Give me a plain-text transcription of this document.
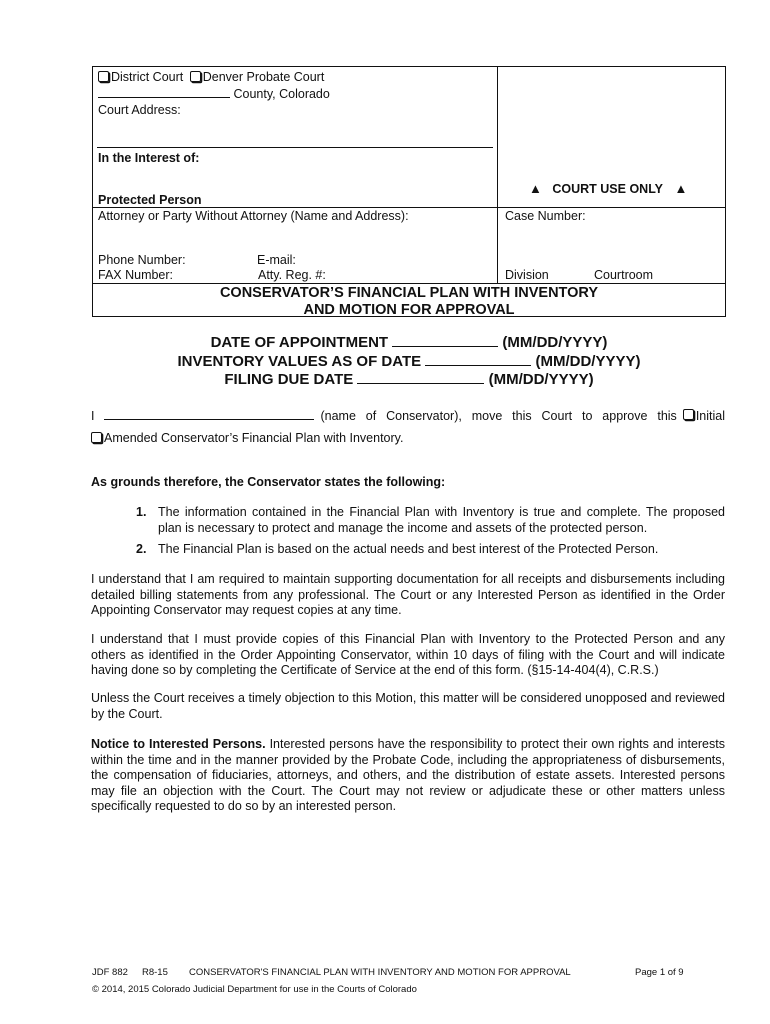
District Court Denver Probate Court
County, Colorado
Court Address:
In the Interest of:
Protected Person
Attorney or Party Without Attorney (Name and Address):
Phone Number:	E-mail:
FAX Number:	Atty. Reg. #:
▲ COURT USE ONLY ▲
Case Number:
Division	Courtroom
CONSERVATOR’S FINANCIAL PLAN WITH INVENTORY
AND MOTION FOR APPROVAL
DATE OF APPOINTMENT	(MM/DD/YYYY)
INVENTORY VALUES AS OF DATE	(MM/DD/YYYY)
FILING DUE DATE	(MM/DD/YYYY)
I	(name of Conservator), move this Court to approve this Initial
Amended Conservator’s Financial Plan with Inventory.
As grounds therefore, the Conservator states the following:
1. The information contained in the Financial Plan with Inventory is true and complete. The proposed plan is necessary to protect and manage the income and assets of the protected person.
2. The Financial Plan is based on the actual needs and best interest of the Protected Person.
I understand that I am required to maintain supporting documentation for all receipts and disbursements including detailed billing statements from any professional. The Court or any Interested Person as identified in the Order Appointing Conservator may request copies at any time.
I understand that I must provide copies of this Financial Plan with Inventory to the Protected Person and any others as identified in the Order Appointing Conservator, within 10 days of filing with the Court and will indicate having done so by completing the Certificate of Service at the end of this form. (§15-14-404(4), C.R.S.)
Unless the Court receives a timely objection to this Motion, this matter will be considered unopposed and reviewed by the Court.
Notice to Interested Persons. Interested persons have the responsibility to protect their own rights and interests within the time and in the manner provided by the Probate Code, including the appropriateness of disbursements, the compensation of fiduciaries, attorneys, and others, and the distribution of estate assets. Interested persons may file an objection with the Court. The Court may not review or adjudicate these or other matters unless specifically requested to do so by an interested person.
JDF 882 R8-15 CONSERVATOR'S FINANCIAL PLAN WITH INVENTORY AND MOTION FOR APPROVAL	Page 1 of 9
© 2014, 2015 Colorado Judicial Department for use in the Courts of Colorado
